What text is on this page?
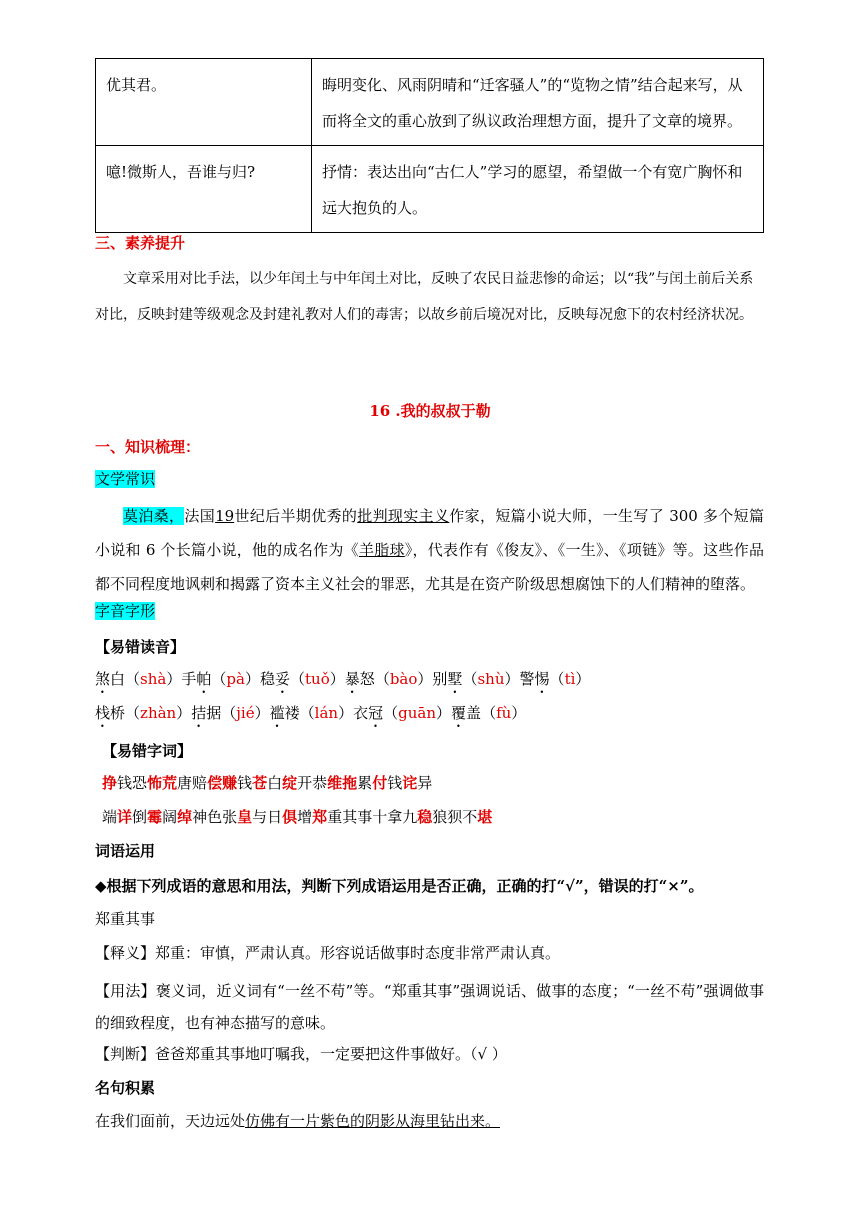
优其君。	晦明变化、风雨阴晴和“迁客骚人”的“览物之情”结合起来写，从而将全文的重心放到了纵议政治理想方面，提升了文章的境界。
噫!微斯人，吾谁与归?	抒情：表达出向“古仁人”学习的愿望，希望做一个有宽广胸怀和远大抱负的人。
三、素养提升
文章采用对比手法，以少年闰土与中年闰土对比，反映了农民日益悲惨的命运；以“我”与闰土前后关系对比，反映封建等级观念及封建礼教对人们的毒害；以故乡前后境况对比，反映每况愈下的农村经济状况。
16 .我的叔叔于勒
一、知识梳理：
文学常识
莫泊桑，法国19世纪后半期优秀的批判现实主义作家，短篇小说大师，一生写了 300 多个短篇小说和 6 个长篇小说，他的成名作为《羊脂球》，代表作有《俊友》、《一生》、《项链》等。这些作品都不同程度地讽刺和揭露了资本主义社会的罪恶，尤其是在资产阶级思想腐蚀下的人们精神的堕落。
字音字形
【易错读音】
煞白（shà）手帕（pà）稳妥（tuǒ）暴怒（bào）别墅（shù）警惕（tì）
栈桥（zhàn）拮据（jié）褴褛（lán）衣冠（guān）覆盖（fù）
【易错字词】
挣钱恐怖荒唐赔偿赚钱苍白绽开恭维拖累付钱诧异
端详倒霉阔绰神色张皇与日俱增郑重其事十拿九稳狼狈不堪
词语运用
◆根据下列成语的意思和用法，判断下列成语运用是否正确，正确的打“√”，错误的打“×”。
郑重其事
【释义】郑重：审慎，严肃认真。形容说话做事时态度非常严肃认真。
【用法】褒义词，近义词有“一丝不苟”等。“郑重其事”强调说话、做事的态度；“一丝不苟”强调做事的细致程度，也有神态描写的意味。
【判断】爸爸郑重其事地叮嘱我，一定要把这件事做好。（√ ）
名句积累
在我们面前，天边远处仿佛有一片紫色的阴影从海里钻出来。
